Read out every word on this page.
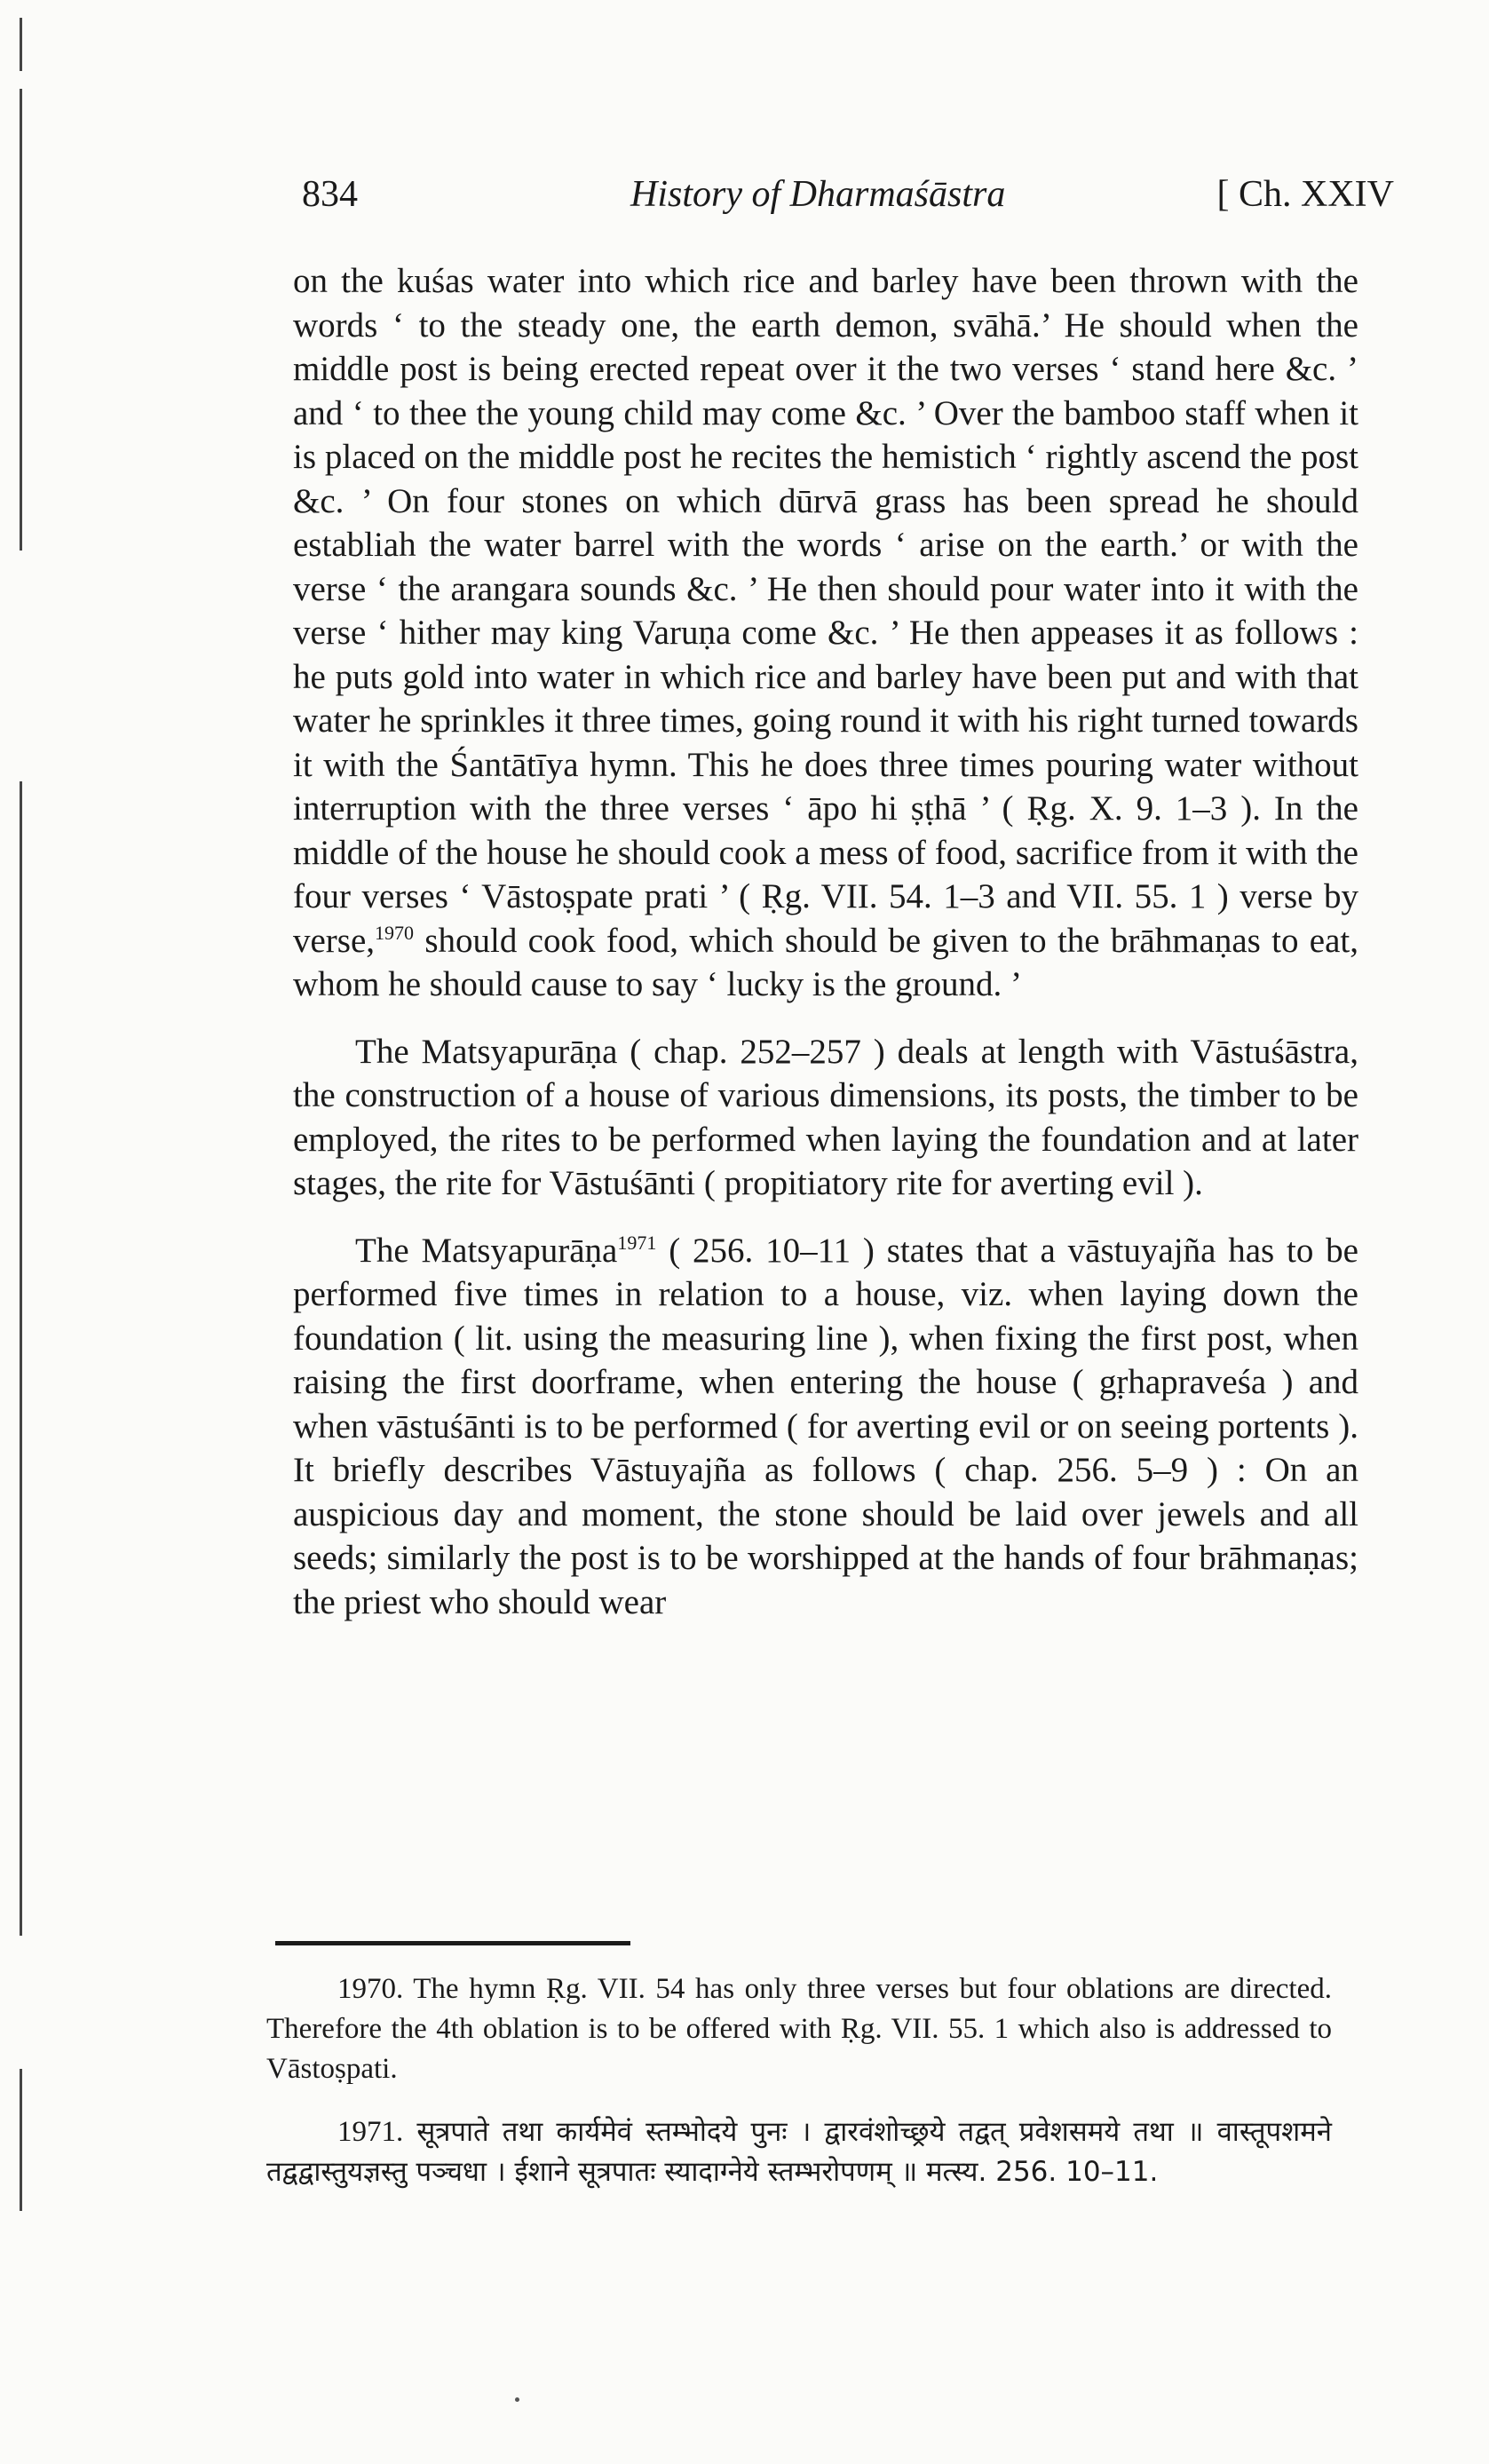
834	History of Dharmaśāstra	[ Ch. XXIV

on the kuśas water into which rice and barley have been thrown with the words ‘ to the steady one, the earth demon, svāhā.’ He should when the middle post is being erected repeat over it the two verses ‘ stand here &c. ’ and ‘ to thee the young child may come &c. ’ Over the bamboo staff when it is placed on the middle post he recites the hemistich ‘ rightly ascend the post &c. ’ On four stones on which dūrvā grass has been spread he should establiah the water barrel with the words ‘ arise on the earth.’ or with the verse ‘ the arangara sounds &c. ’ He then should pour water into it with the verse ‘ hither may king Varuṇa come &c. ’ He then appeases it as follows : he puts gold into water in which rice and barley have been put and with that water he sprinkles it three times, going round it with his right turned towards it with the Śantātīya hymn. This he does three times pouring water without interruption with the three verses ‘ āpo hi ṣṭhā ’ ( Ṛg. X. 9. 1–3 ). In the middle of the house he should cook a mess of food, sacrifice from it with the four verses ‘ Vāstoṣpate prati ’ ( Ṛg. VII. 54. 1–3 and VII. 55. 1 ) verse by verse,$^{1970}$ should cook food, which should be given to the brāhmaṇas to eat, whom he should cause to say ‘ lucky is the ground. ’

The Matsyapurāṇa ( chap. 252–257 ) deals at length with Vāstuśāstra, the construction of a house of various dimensions, its posts, the timber to be employed, the rites to be performed when laying the foundation and at later stages, the rite for Vāstuśānti ( propitiatory rite for averting evil ).

The Matsyapurāṇa$^{1971}$ ( 256. 10–11 ) states that a vāstuyajña has to be performed five times in relation to a house, viz. when laying down the foundation ( lit. using the measuring line ), when fixing the first post, when raising the first doorframe, when entering the house ( gṛhapraveśa ) and when vāstuśānti is to be performed ( for averting evil or on seeing portents ). It briefly describes Vāstuyajña as follows ( chap. 256. 5–9 ) : On an auspicious day and moment, the stone should be laid over jewels and all seeds; similarly the post is to be worshipped at the hands of four brāhmaṇas; the priest who should wear

1970. The hymn Ṛg. VII. 54 has only three verses but four oblations are directed. Therefore the 4th oblation is to be offered with Ṛg. VII. 55. 1 which also is addressed to Vāstoṣpati.

1971. सूत्रपाते तथा कार्यमेवं स्तम्भोदये पुनः । द्वारवंशोच्छ्रये तद्वत् प्रवेशसमये तथा ॥ वास्तूपशमने तद्वद्वास्तुयज्ञस्तु पञ्चधा । ईशाने सूत्रपातः स्यादाग्नेये स्तम्भरोपणम् ॥ मत्स्य. 256. 10–11.
